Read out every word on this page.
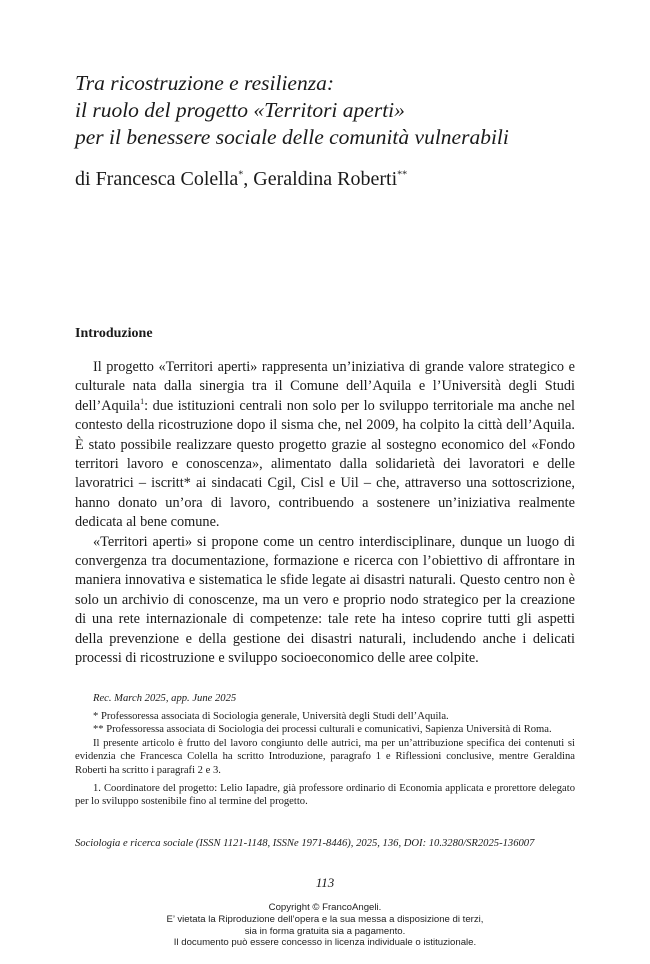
Tra ricostruzione e resilienza:
il ruolo del progetto «Territori aperti»
per il benessere sociale delle comunità vulnerabili
di Francesca Colella*, Geraldina Roberti**
Introduzione

Il progetto «Territori aperti» rappresenta un’iniziativa di grande valore strategico e culturale nata dalla sinergia tra il Comune dell’Aquila e l’Università degli Studi dell’Aquila$^1$: due istituzioni centrali non solo per lo sviluppo territoriale ma anche nel contesto della ricostruzione dopo il sisma che, nel 2009, ha colpito la città dell’Aquila. È stato possibile realizzare questo progetto grazie al sostegno economico del «Fondo territori lavoro e conoscenza», alimentato dalla solidarietà dei lavoratori e delle lavoratrici – iscritt* ai sindacati Cgil, Cisl e Uil – che, attraverso una sottoscrizione, hanno donato un’ora di lavoro, contribuendo a sostenere un’iniziativa realmente dedicata al bene comune.

«Territori aperti» si propone come un centro interdisciplinare, dunque un luogo di convergenza tra documentazione, formazione e ricerca con l’obiettivo di affrontare in maniera innovativa e sistematica le sfide legate ai disastri naturali. Questo centro non è solo un archivio di conoscenze, ma un vero e proprio nodo strategico per la creazione di una rete internazionale di competenze: tale rete ha inteso coprire tutti gli aspetti della prevenzione e della gestione dei disastri naturali, includendo anche i delicati processi di ricostruzione e sviluppo socioeconomico delle aree colpite.

Rec. March 2025, app. June 2025

* Professoressa associata di Sociologia generale, Università degli Studi dell’Aquila.

** Professoressa associata di Sociologia dei processi culturali e comunicativi, Sapienza Università di Roma.

Il presente articolo è frutto del lavoro congiunto delle autrici, ma per un’attribuzione specifica dei contenuti si evidenzia che Francesca Colella ha scritto Introduzione, paragrafo 1 e Riflessioni conclusive, mentre Geraldina Roberti ha scritto i paragrafi 2 e 3.

1. Coordinatore del progetto: Lelio Iapadre, già professore ordinario di Economia applicata e prorettore delegato per lo sviluppo sostenibile fino al termine del progetto.

Sociologia e ricerca sociale (ISSN 1121-1148, ISSNe 1971-8446), 2025, 136, DOI: 10.3280/SR2025-136007
113
Copyright © FrancoAngeli.
E’ vietata la Riproduzione dell’opera e la sua messa a disposizione di terzi,
sia in forma gratuita sia a pagamento.
Il documento può essere concesso in licenza individuale o istituzionale.
